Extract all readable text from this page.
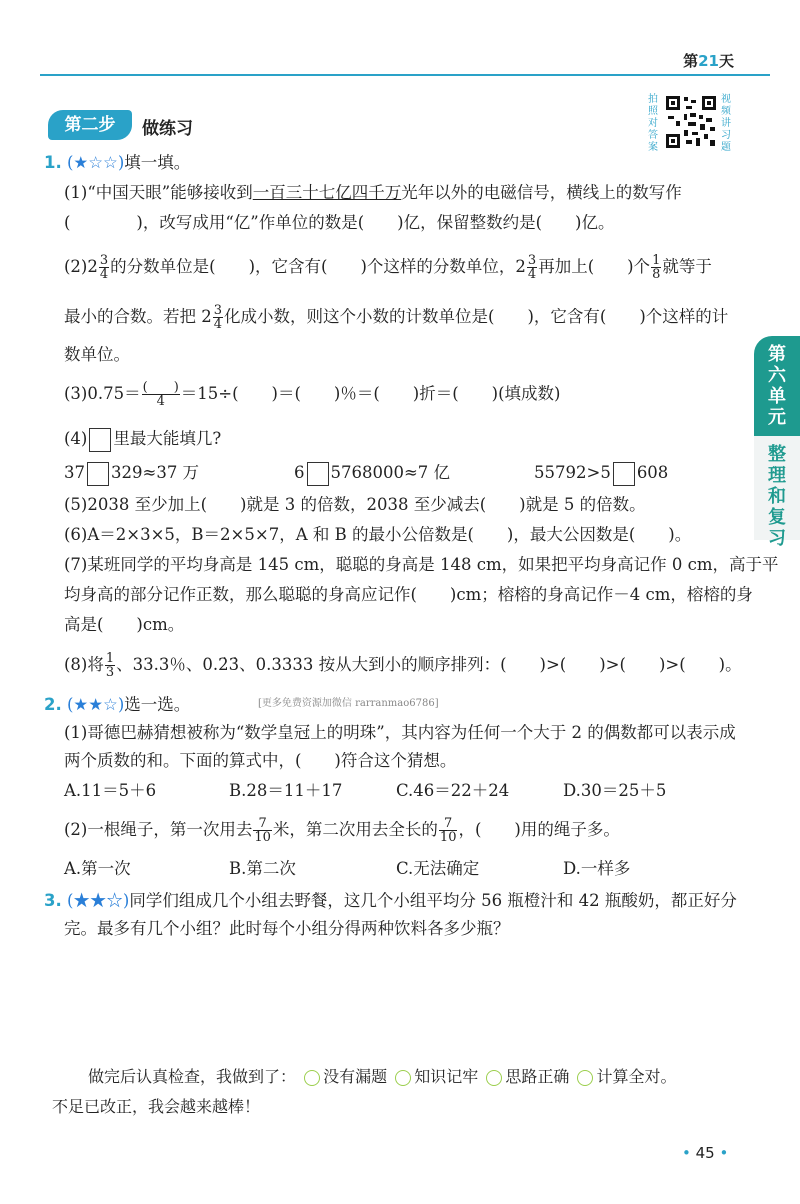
第21天
第二步	做练习
拍照对答案
视频讲习题
第六单元
整理和复习
1. (★☆☆)填一填。
(1)“中国天眼”能够接收到一百三十七亿四千万光年以外的电磁信号，横线上的数写作
(　　　　)，改写成用“亿”作单位的数是(　　)亿，保留整数约是(　　)亿。
$(2)2 \frac{3}{4}$ 的分数单位是(　　)，它含有(　　)个这样的分数单位，$2 \frac{3}{4}$ 再加上(　　)个 $\frac{1}{8}$ 就等于
最小的合数。若把 $2 \frac{3}{4}$ 化成小数，则这个小数的计数单位是(　　)，它含有(　　)个这样的计
数单位。
$(3)0.75= \frac{( )}{4} =15\div$(　　)＝(　　)％＝(　　)折＝(　　)(填成数)
(4) 里最大能填几?
37 329≈37 万	6 5768000≈7 亿	55792>5 608
(5)2038 至少加上(　　)就是 3 的倍数，2038 至少减去(　　)就是 5 的倍数。
(6)A＝2×3×5，B＝2×5×7，A 和 B 的最小公倍数是(　　)，最大公因数是(　　)。
(7)某班同学的平均身高是 145 cm，聪聪的身高是 148 cm，如果把平均身高记作 0 cm，高于平
均身高的部分记作正数，那么聪聪的身高应记作(　　)cm；榕榕的身高记作－4 cm，榕榕的身
高是(　　)cm。
(8)将 $\frac{1}{3}$ 、33.3％、0.2̇3̇、0.3333 按从大到小的顺序排列：(　　)>(　　)>(　　)>(　　)。
2. (★★☆)选一选。	[更多免费资源加微信 rarranmao6786]
(1)哥德巴赫猜想被称为“数学皇冠上的明珠”，其内容为任何一个大于 2 的偶数都可以表示成
两个质数的和。下面的算式中，(　　)符合这个猜想。
A.11＝5＋6	B.28＝11＋17	C.46＝22＋24	D.30＝25＋5
(2)一根绳子，第一次用去 $\frac{7}{10}$ 米，第二次用去全长的 $\frac{7}{10}$ ，(　　)用的绳子多。
A.第一次	B.第二次	C.无法确定	D.一样多
3. (★★☆)同学们组成几个小组去野餐，这几个小组平均分 56 瓶橙汁和 42 瓶酸奶，都正好分
完。最多有几个小组？此时每个小组分得两种饮料各多少瓶？
做完后认真检查，我做到了： 没有漏题 知识记牢 思路正确 计算全对。
不足已改正，我会越来越棒！
• 45 •
